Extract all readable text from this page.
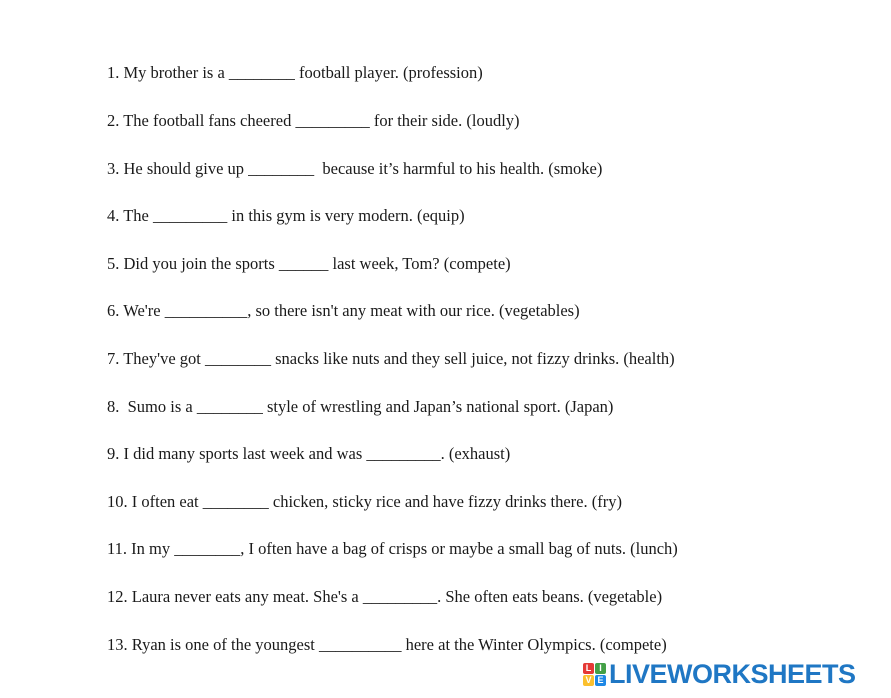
1. My brother is a ________ football player. (profession)
2. The football fans cheered _________ for their side. (loudly)
3. He should give up ________  because it’s harmful to his health. (smoke)
4. The _________ in this gym is very modern. (equip)
5. Did you join the sports ______ last week, Tom? (compete)
6. We're __________, so there isn't any meat with our rice. (vegetables)
7. They've got ________ snacks like nuts and they sell juice, not fizzy drinks. (health)
8.  Sumo is a ________ style of wrestling and Japan’s national sport. (Japan)
9. I did many sports last week and was _________. (exhaust)
10. I often eat ________ chicken, sticky rice and have fizzy drinks there. (fry)
11. In my ________, I often have a bag of crisps or maybe a small bag of nuts. (lunch)
12. Laura never eats any meat. She's a _________. She often eats beans. (vegetable)
13. Ryan is one of the youngest __________ here at the Winter Olympics. (compete)
L I
V E LIVEWORKSHEETS
